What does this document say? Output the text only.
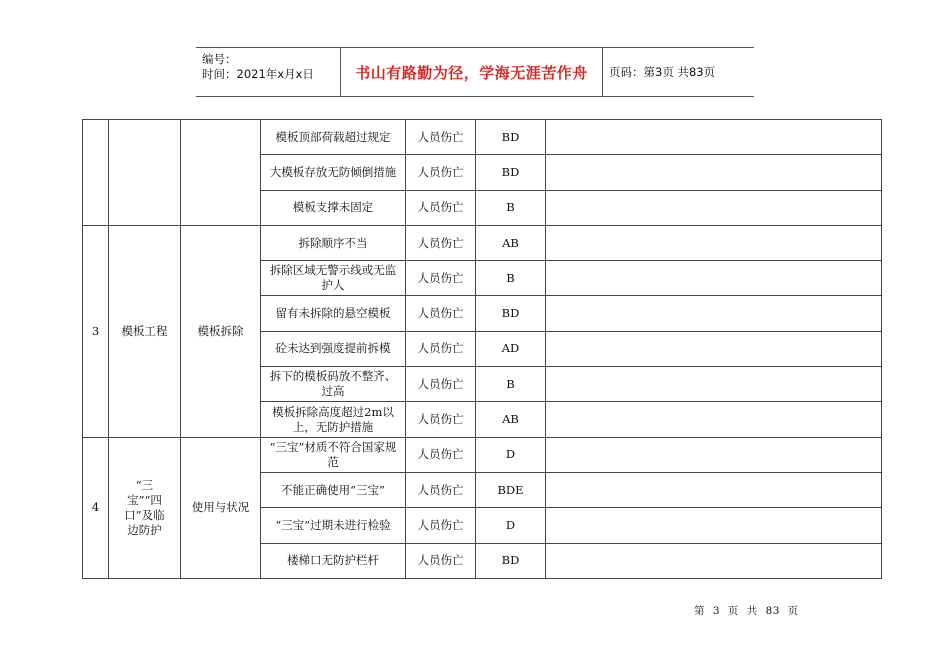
编号：
时间：2021年x月x日	书山有路勤为径，学海无涯苦作舟	页码：第3页 共83页
			模板顶部荷载超过规定	人员伤亡	BD	
			大模板存放无防倾倒措施	人员伤亡	BD	
			模板支撑未固定	人员伤亡	B	
3	模板工程	模板拆除	拆除顺序不当	人员伤亡	AB	
			拆除区域无警示线或无监护人	人员伤亡	B	
			留有未拆除的悬空模板	人员伤亡	BD	
			砼未达到强度提前拆模	人员伤亡	AD	
			拆下的模板码放不整齐、过高	人员伤亡	B	
			模板拆除高度超过2m以上，无防护措施	人员伤亡	AB	
4	“三宝”“四口”及临边防护	使用与状况	“三宝”材质不符合国家规范	人员伤亡	D	
			不能正确使用“三宝”	人员伤亡	BDE	
			“三宝”过期未进行检验	人员伤亡	D	
			楼梯口无防护栏杆	人员伤亡	BD	
第 3 页 共 83 页
